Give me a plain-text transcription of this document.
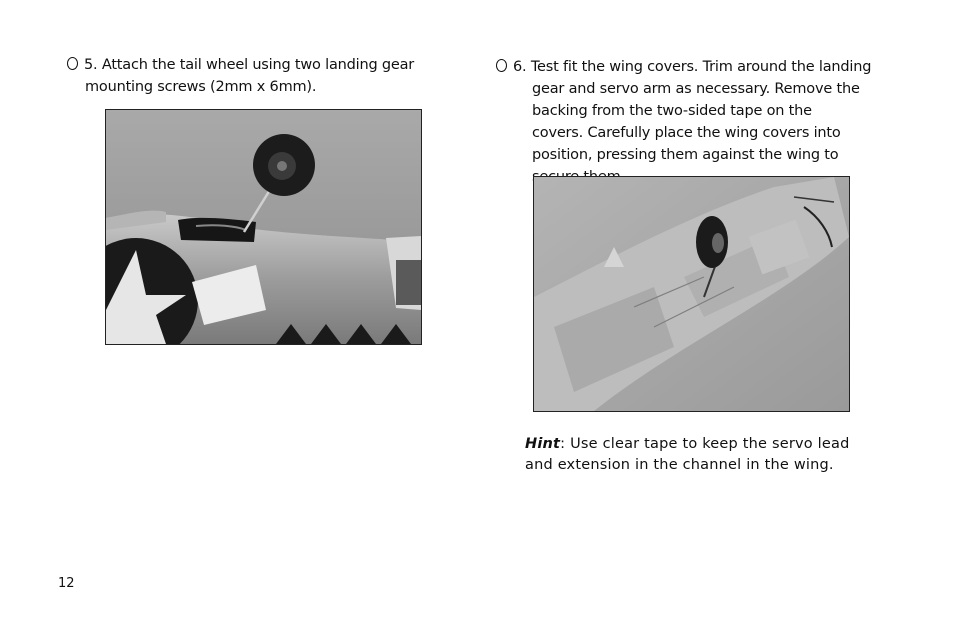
5. Attach the tail wheel using two landing gear
mounting screws (2mm x 6mm).
6. Test fit the wing covers. Trim around the landing
gear and servo arm as necessary. Remove the backing from the two-sided tape on the covers. Carefully place the wing covers into position, pressing them against the wing to
Hint: Use clear tape to keep the servo lead and extension in the channel in the wing.
12
